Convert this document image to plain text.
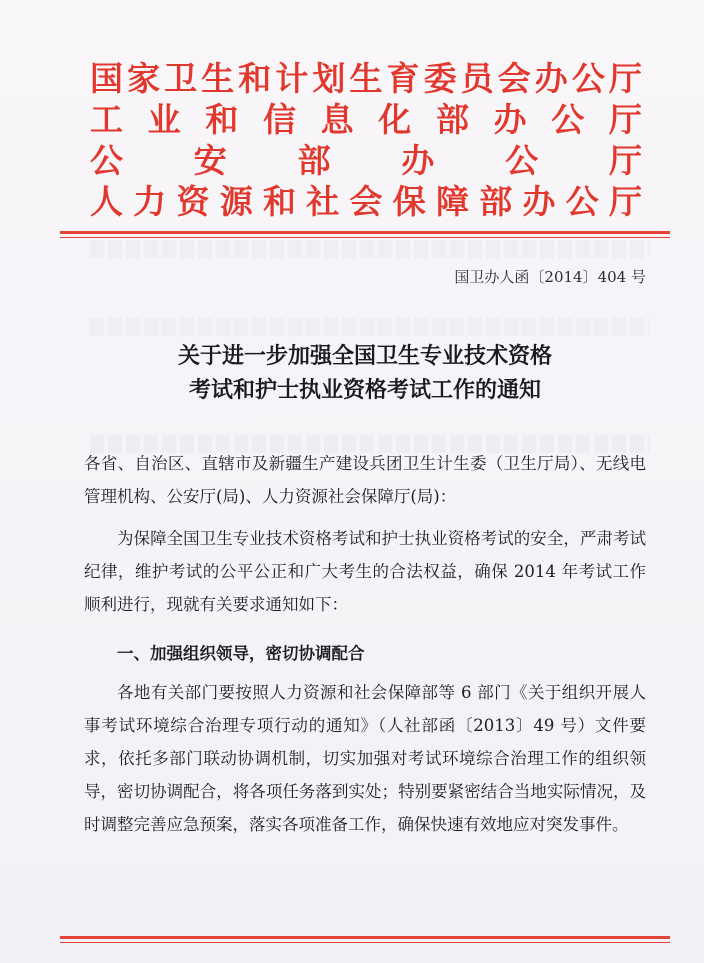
国 家 卫 生 和 计 划 生 育 委 员 会 办 公 厅
工 业 和 信 息 化 部 办 公 厅
公 安 部 办 公 厅
人 力 资 源 和 社 会 保 障 部 办 公 厅
国卫办人函〔2014〕404 号
关于进一步加强全国卫生专业技术资格
考试和护士执业资格考试工作的通知
各省、自治区、直辖市及新疆生产建设兵团卫生计生委（卫生厅局）、无线电管理机构、公安厅(局)、人力资源社会保障厅(局)：
为保障全国卫生专业技术资格考试和护士执业资格考试的安全，严肃考试纪律，维护考试的公平公正和广大考生的合法权益，确保 2014 年考试工作顺利进行，现就有关要求通知如下：
一、加强组织领导，密切协调配合
各地有关部门要按照人力资源和社会保障部等 6 部门《关于组织开展人事考试环境综合治理专项行动的通知》（人社部函〔2013〕49 号）文件要求，依托多部门联动协调机制，切实加强对考试环境综合治理工作的组织领导，密切协调配合，将各项任务落到实处；特别要紧密结合当地实际情况，及时调整完善应急预案，落实各项准备工作，确保快速有效地应对突发事件。
